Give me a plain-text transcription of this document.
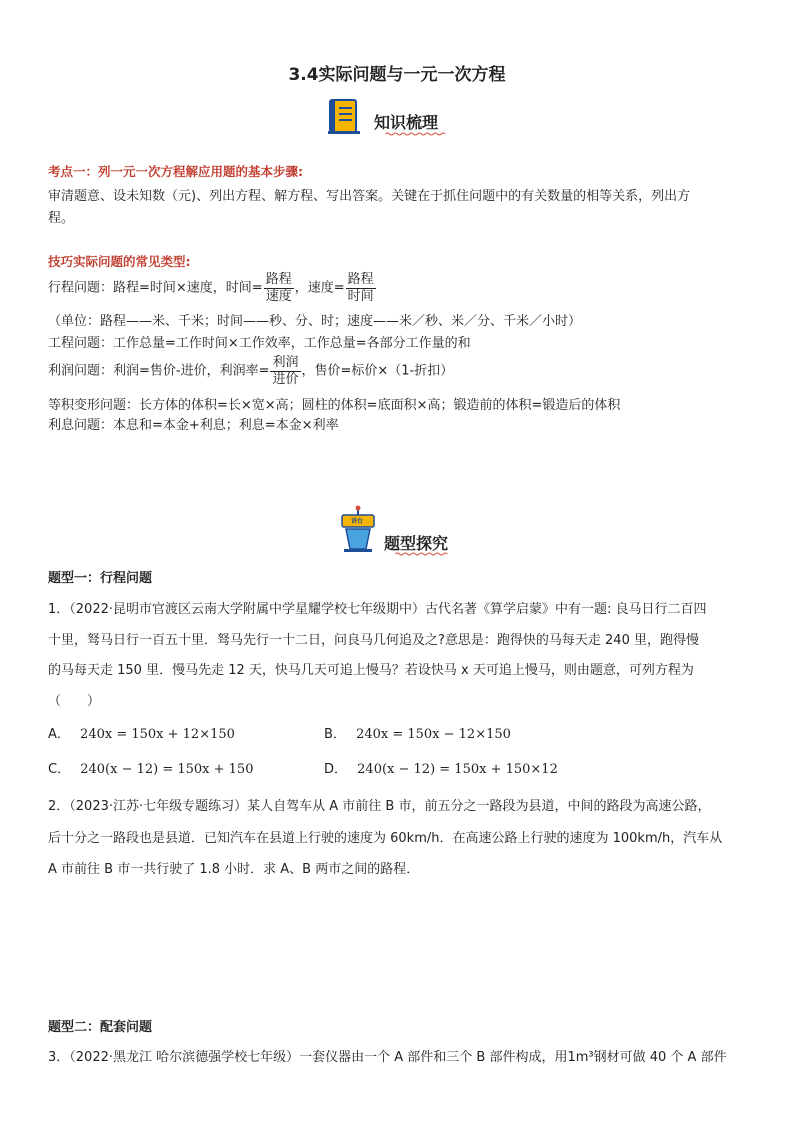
3.4实际问题与一元一次方程
知识梳理
考点一：列一元一次方程解应用题的基本步骤:
审清题意、设未知数（元)、列出方程、解方程、写出答案。关键在于抓住问题中的有关数量的相等关系，列出方
程。
技巧实际问题的常见类型:
行程问题：路程=时间×速度，时间= $\frac{\text{路程}}{\text{速度}}$ ，速度= $\frac{\text{路程}}{\text{时间}}$
（单位：路程——米、千米；时间——秒、分、时；速度——米／秒、米／分、千米／小时）
工程问题：工作总量=工作时间×工作效率，工作总量=各部分工作量的和
利润问题：利润=售价-进价，利润率= $\frac{\text{利润}}{\text{进价}}$ ，售价=标价×（1-折扣）
等积变形问题：长方体的体积=长×宽×高；圆柱的体积=底面积×高；锻造前的体积=锻造后的体积
利息问题：本息和=本金+利息；利息=本金×利率
讲台
题型探究
题型一：行程问题
1．（2022·昆明市官渡区云南大学附属中学星耀学校七年级期中）古代名著《算学启蒙》中有一题: 良马日行二百四
十里，驽马日行一百五十里．驽马先行一十二日，问良马几何追及之?意思是：跑得快的马每天走 240 里，跑得慢
的马每天走 150 里．慢马先走 12 天，快马几天可追上慢马？若设快马 x 天可追上慢马，则由题意，可列方程为
（　　）
A． 240x = 150x + 12×150	B． 240x = 150x − 12×150
C． 240(x − 12) = 150x + 150	D． 240(x − 12) = 150x + 150×12
2．（2023·江苏·七年级专题练习）某人自驾车从 A 市前往 B 市，前五分之一路段为县道，中间的路段为高速公路，
后十分之一路段也是县道．已知汽车在县道上行驶的速度为 60km/h．在高速公路上行驶的速度为 100km/h，汽车从
A 市前往 B 市一共行驶了 1.8 小时．求 A、B 两市之间的路程．
题型二：配套问题
3．（2022·黑龙江 哈尔滨德强学校七年级）一套仪器由一个 A 部件和三个 B 部件构成，用1m³钢材可做 40 个 A 部件
